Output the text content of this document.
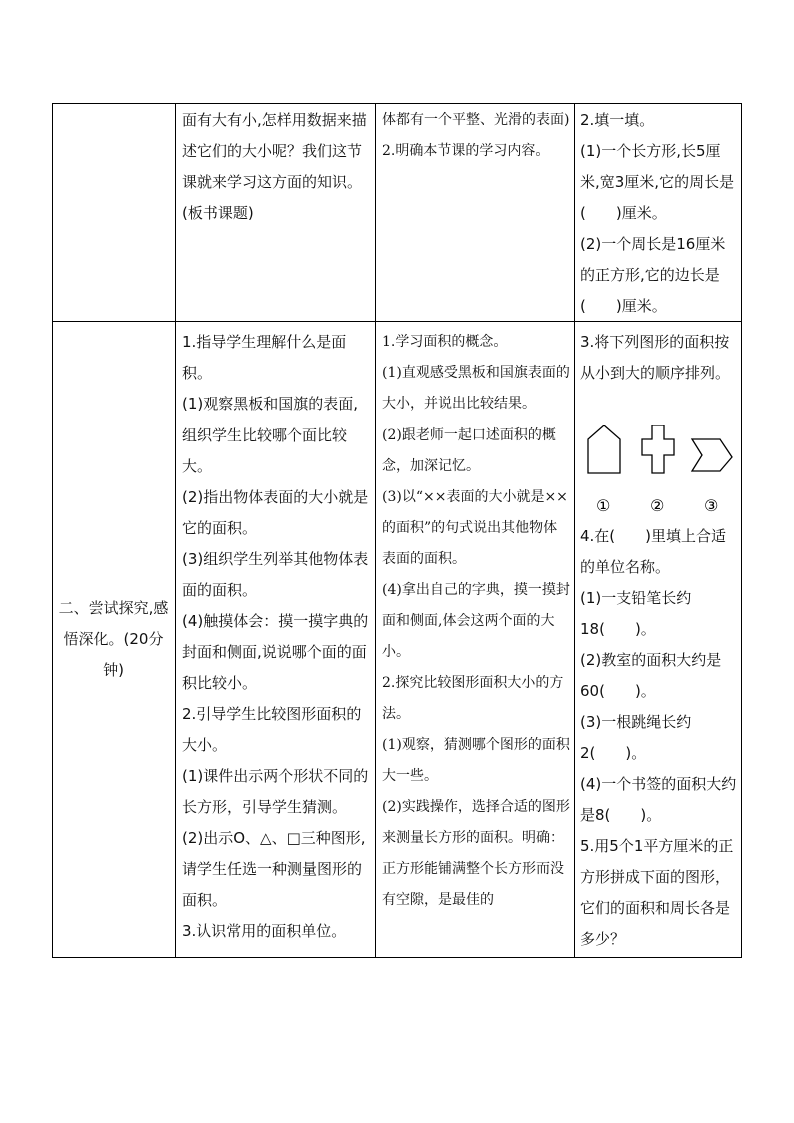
面有大有小,怎样用数据来描述它们的大小呢？我们这节课就来学习这方面的知识。(板书课题)

体都有一个平整、光滑的表面)

2.明确本节课的学习内容。

2.填一填。

(1)一个长方形,长5厘米,宽3厘米,它的周长是(　　)厘米。

(2)一个周长是16厘米的正方形,它的边长是(　　)厘米。

二、尝试探究,感悟深化。(20分钟)

1.指导学生理解什么是面积。

(1)观察黑板和国旗的表面,组织学生比较哪个面比较大。

(2)指出物体表面的大小就是它的面积。

(3)组织学生列举其他物体表面的面积。

(4)触摸体会：摸一摸字典的封面和侧面,说说哪个面的面积比较小。

2.引导学生比较图形面积的大小。

(1)课件出示两个形状不同的长方形，引导学生猜测。

(2)出示O、△、□三种图形,请学生任选一种测量图形的面积。

3.认识常用的面积单位。

1.学习面积的概念。

(1)直观感受黑板和国旗表面的大小，并说出比较结果。

(2)跟老师一起口述面积的概念，加深记忆。

(3)以“××表面的大小就是××的面积”的句式说出其他物体表面的面积。

(4)拿出自己的字典，摸一摸封面和侧面,体会这两个面的大小。

2.探究比较图形面积大小的方法。

(1)观察，猜测哪个图形的面积大一些。

(2)实践操作，选择合适的图形来测量长方形的面积。明确：正方形能铺满整个长方形而没有空隙，是最佳的

3.将下列图形的面积按从小到大的顺序排列。

① ② ③

4.在(　　)里填上合适的单位名称。

(1)一支铅笔长约18(　　)。

(2)教室的面积大约是60(　　)。

(3)一根跳绳长约2(　　)。

(4)一个书签的面积大约是8(　　)。

5.用5个1平方厘米的正方形拼成下面的图形，它们的面积和周长各是多少？
